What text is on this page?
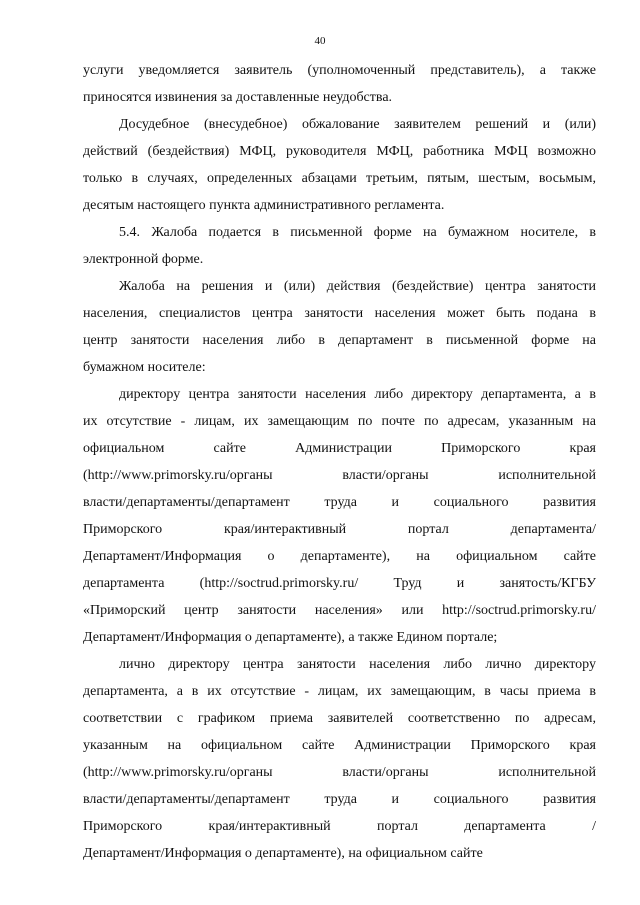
40
услуги уведомляется заявитель (уполномоченный представитель), а также
приносятся извинения за доставленные неудобства.
Досудебное (внесудебное) обжалование заявителем решений и (или)
действий (бездействия) МФЦ, руководителя МФЦ, работника МФЦ возможно
только в случаях, определенных абзацами третьим, пятым, шестым, восьмым,
десятым настоящего пункта административного регламента.
5.4. Жалоба подается в письменной форме на бумажном носителе, в
электронной форме.
Жалоба на решения и (или) действия (бездействие) центра занятости
населения, специалистов центра занятости населения может быть подана в
центр занятости населения либо в департамент в письменной форме на
бумажном носителе:
директору центра занятости населения либо директору департамента, а в
их отсутствие - лицам, их замещающим по почте по адресам, указанным на
официальном сайте Администрации Приморского края
(http://www.primorsky.ru/органы власти/органы исполнительной
власти/департаменты/департамент труда и социального развития
Приморского края/интерактивный портал департамента/
Департамент/Информация о департаменте), на официальном сайте
департамента (http://soctrud.primorsky.ru/ Труд и занятость/КГБУ
«Приморский центр занятости населения» или http://soctrud.primorsky.ru/
Департамент/Информация о департаменте), а также Едином портале;
лично директору центра занятости населения либо лично директору
департамента, а в их отсутствие - лицам, их замещающим, в часы приема в
соответствии с графиком приема заявителей соответственно по адресам,
указанным на официальном сайте Администрации Приморского края
(http://www.primorsky.ru/органы власти/органы исполнительной
власти/департаменты/департамент труда и социального развития
Приморского края/интерактивный портал департамента /
Департамент/Информация о департаменте), на официальном сайте
